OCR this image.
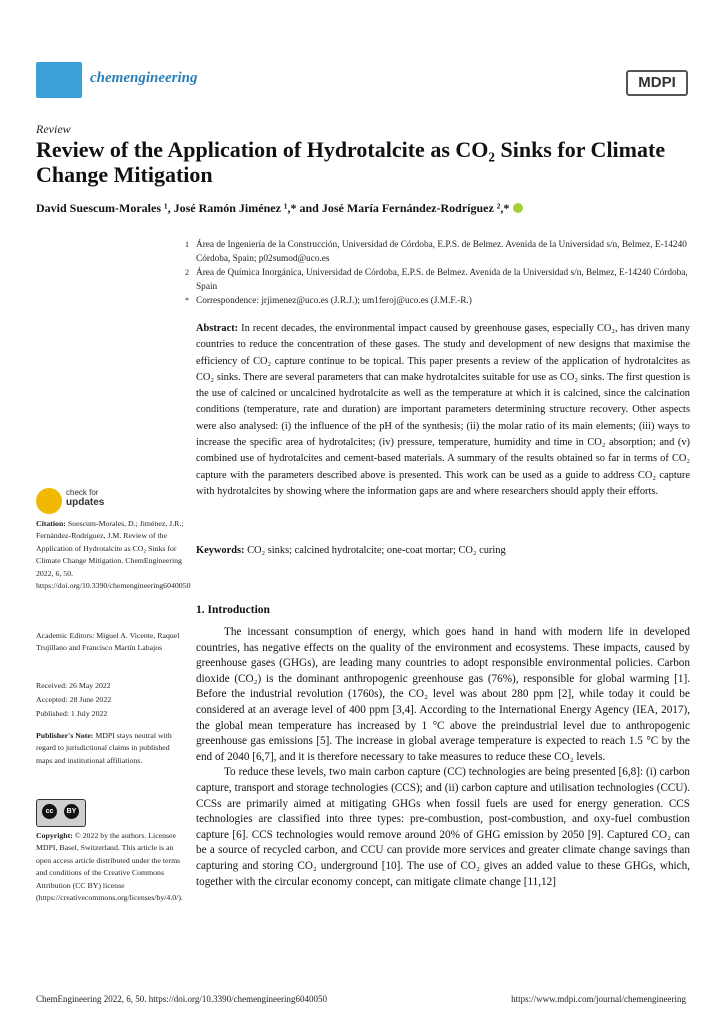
chemengineering	MDPI
Review
Review of the Application of Hydrotalcite as CO₂ Sinks for Climate Change Mitigation
David Suescum-Morales ¹, José Ramón Jiménez ¹,* and José María Fernández-Rodríguez ²,*
1 Área de Ingeniería de la Construcción, Universidad de Córdoba, E.P.S. de Belmez. Avenida de la Universidad s/n, Belmez, E-14240 Córdoba, Spain; p02sumod@uco.es
2 Área de Química Inorgánica, Universidad de Córdoba, E.P.S. de Belmez. Avenida de la Universidad s/n, Belmez, E-14240 Córdoba, Spain
* Correspondence: jrjimenez@uco.es (J.R.J.); um1feroj@uco.es (J.M.F.-R.)
Abstract: In recent decades, the environmental impact caused by greenhouse gases, especially CO₂, has driven many countries to reduce the concentration of these gases. The study and development of new designs that maximise the efficiency of CO₂ capture continue to be topical. This paper presents a review of the application of hydrotalcites as CO₂ sinks. There are several parameters that can make hydrotalcites suitable for use as CO₂ sinks. The first question is the use of calcined or uncalcined hydrotalcite as well as the temperature at which it is calcined, since the calcination conditions (temperature, rate and duration) are important parameters determining structure recovery. Other aspects were also analysed: (i) the influence of the pH of the synthesis; (ii) the molar ratio of its main elements; (iii) ways to increase the specific area of hydrotalcites; (iv) pressure, temperature, humidity and time in CO₂ absorption; and (v) combined use of hydrotalcites and cement-based materials. A summary of the results obtained so far in terms of CO₂ capture with the parameters described above is presented. This work can be used as a guide to address CO₂ capture with hydrotalcites by showing where the information gaps are and where researchers should apply their efforts.
Keywords: CO₂ sinks; calcined hydrotalcite; one-coat mortar; CO₂ curing
check for
updates
Citation: Suescum-Morales, D.; Jiménez, J.R.; Fernández-Rodríguez, J.M. Review of the Application of Hydrotalcite as CO₂ Sinks for Climate Change Mitigation. ChemEngineering 2022, 6, 50. https://doi.org/10.3390/chemengineering6040050
Academic Editors: Miguel A. Vicente, Raquel Trujillano and Francisco Martín Labajos
Received: 26 May 2022
Accepted: 28 June 2022
Published: 1 July 2022
Publisher's Note: MDPI stays neutral with regard to jurisdictional claims in published maps and institutional affiliations.
cc	BY
Copyright: © 2022 by the authors. Licensee MDPI, Basel, Switzerland. This article is an open access article distributed under the terms and conditions of the Creative Commons Attribution (CC BY) license (https://creativecommons.org/licenses/by/4.0/).
1. Introduction

The incessant consumption of energy, which goes hand in hand with modern life in developed countries, has negative effects on the quality of the environment and ecosystems. These impacts, caused by greenhouse gases (GHGs), are leading many countries to adopt responsible environmental policies. Carbon dioxide (CO₂) is the dominant anthropogenic greenhouse gas (76%), responsible for global warming [1]. Before the industrial revolution (1760s), the CO₂ level was about 280 ppm [2], while today it could be considered at an average level of 400 ppm [3,4]. According to the International Energy Agency (IEA, 2017), the global mean temperature has increased by 1 °C above the preindustrial level due to anthropogenic greenhouse gas emissions [5]. The increase in global average temperature is expected to reach 1.5 °C by the end of 2040 [6,7], and it is therefore necessary to take measures to reduce these CO₂ levels.

To reduce these levels, two main carbon capture (CC) technologies are being presented [6,8]: (i) carbon capture, transport and storage technologies (CCS); and (ii) carbon capture and utilisation technologies (CCU). CCSs are primarily aimed at mitigating GHGs when fossil fuels are used for energy generation. CCS technologies are classified into three types: pre-combustion, post-combustion, and oxy-fuel combustion capture [6]. CCS technologies would remove around 20% of GHG emission by 2050 [9]. Captured CO₂ can be a source of recycled carbon, and CCU can provide more services and greater climate change savings than capturing and storing CO₂ underground [10]. The use of CO₂ gives an added value to these GHGs, which, together with the circular economy concept, can mitigate climate change [11,12]

ChemEngineering 2022, 6, 50. https://doi.org/10.3390/chemengineering6040050	https://www.mdpi.com/journal/chemengineering
